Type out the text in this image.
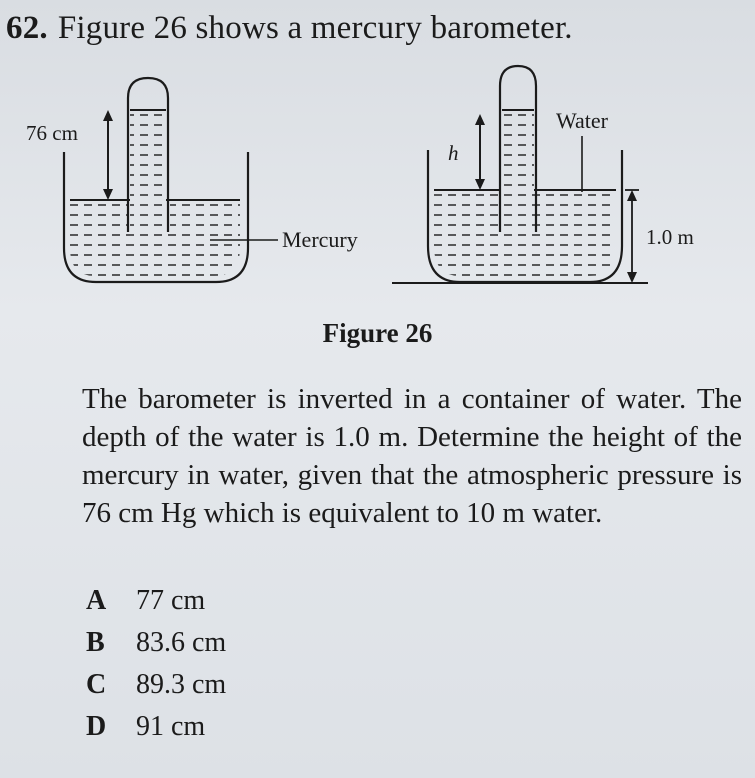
62. Figure 26 shows a mercury barometer.
76 cm
Mercury
h
Water
1.0 m
Figure 26
The barometer is inverted in a container of water. The depth of the water is 1.0 m. Determine the height of the mercury in water, given that the atmospheric pressure is 76 cm Hg which is equivalent to 10 m water.
A	77 cm
B	83.6 cm
C	89.3 cm
D	91 cm
